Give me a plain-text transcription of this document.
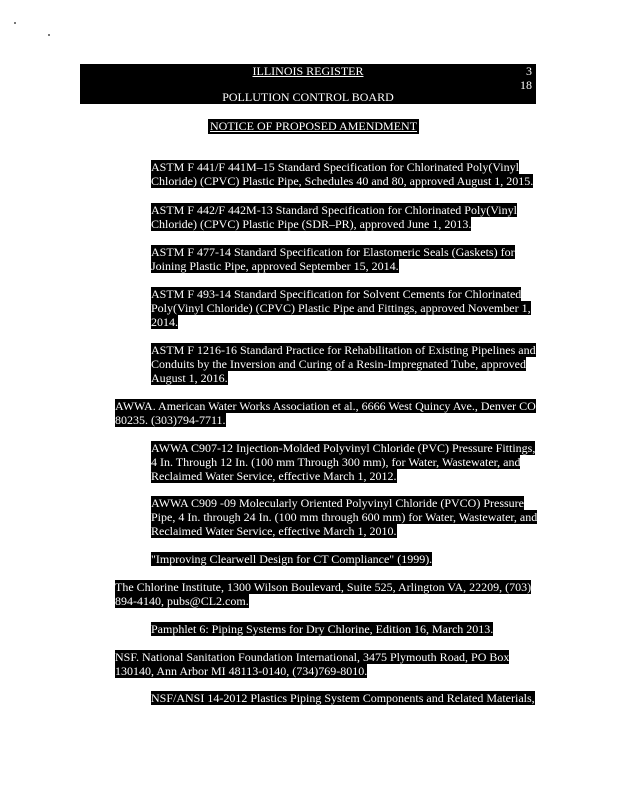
ILLINOIS REGISTER	3
18
POLLUTION CONTROL BOARD
NOTICE OF PROPOSED AMENDMENT
ASTM F 441/F 441M–15 Standard Specification for Chlorinated Poly(Vinyl Chloride) (CPVC) Plastic Pipe, Schedules 40 and 80, approved August 1, 2015.
ASTM F 442/F 442M-13 Standard Specification for Chlorinated Poly(Vinyl Chloride) (CPVC) Plastic Pipe (SDR–PR), approved June 1, 2013.
ASTM F 477-14 Standard Specification for Elastomeric Seals (Gaskets) for Joining Plastic Pipe, approved September 15, 2014.
ASTM F 493-14 Standard Specification for Solvent Cements for Chlorinated Poly(Vinyl Chloride) (CPVC) Plastic Pipe and Fittings, approved November 1, 2014.
ASTM F 1216-16 Standard Practice for Rehabilitation of Existing Pipelines and Conduits by the Inversion and Curing of a Resin-Impregnated Tube, approved August 1, 2016.
AWWA. American Water Works Association et al., 6666 West Quincy Ave., Denver CO 80235. (303)794-7711.
AWWA C907-12 Injection-Molded Polyvinyl Chloride (PVC) Pressure Fittings, 4 In. Through 12 In. (100 mm Through 300 mm), for Water, Wastewater, and Reclaimed Water Service, effective March 1, 2012.
AWWA C909 -09 Molecularly Oriented Polyvinyl Chloride (PVCO) Pressure Pipe, 4 In. through 24 In. (100 mm through 600 mm) for Water, Wastewater, and Reclaimed Water Service, effective March 1, 2010.
"Improving Clearwell Design for CT Compliance" (1999).
The Chlorine Institute, 1300 Wilson Boulevard, Suite 525, Arlington VA, 22209, (703) 894-4140, pubs@CL2.com.
Pamphlet 6: Piping Systems for Dry Chlorine, Edition 16, March 2013.
NSF. National Sanitation Foundation International, 3475 Plymouth Road, PO Box 130140, Ann Arbor MI 48113-0140, (734)769-8010.
NSF/ANSI 14-2012 Plastics Piping System Components and Related Materials,
